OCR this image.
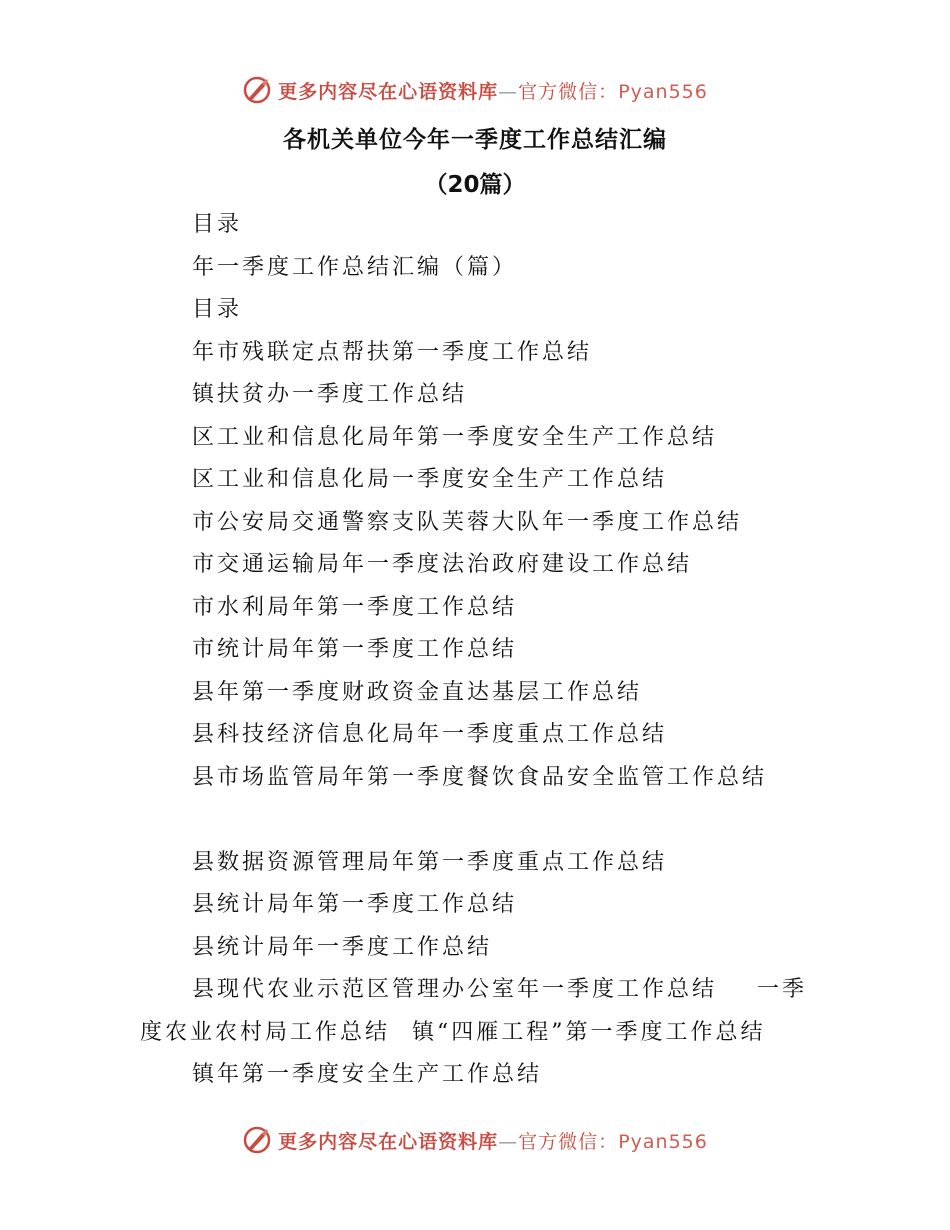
更多内容尽在心语资料库—官方微信：Pyan556
各机关单位今年一季度工作总结汇编
（20篇）
目录
年一季度工作总结汇编（篇）
目录
年市残联定点帮扶第一季度工作总结
镇扶贫办一季度工作总结
区工业和信息化局年第一季度安全生产工作总结
区工业和信息化局一季度安全生产工作总结
市公安局交通警察支队芙蓉大队年一季度工作总结
市交通运输局年一季度法治政府建设工作总结
市水利局年第一季度工作总结
市统计局年第一季度工作总结
县年第一季度财政资金直达基层工作总结
县科技经济信息化局年一季度重点工作总结
县市场监管局年第一季度餐饮食品安全监管工作总结
县数据资源管理局年第一季度重点工作总结
县统计局年第一季度工作总结
县统计局年一季度工作总结
县现代农业示范区管理办公室年一季度工作总结 一季
度农业农村局工作总结 镇“四雁工程”第一季度工作总结
镇年第一季度安全生产工作总结
更多内容尽在心语资料库—官方微信：Pyan556
